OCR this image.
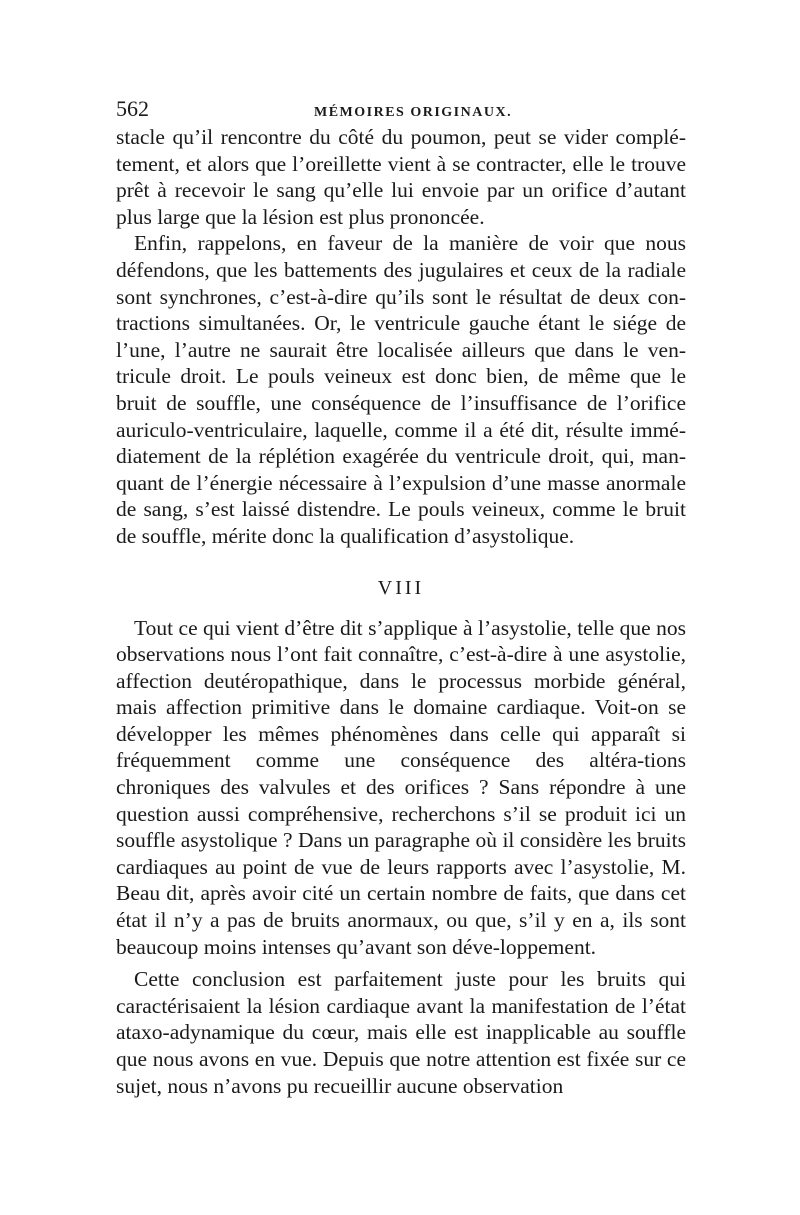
562	MÉMOIRES ORIGINAUX.

stacle qu’il rencontre du côté du poumon, peut se vider complé-tement, et alors que l’oreillette vient à se contracter, elle le trouve prêt à recevoir le sang qu’elle lui envoie par un orifice d’autant plus large que la lésion est plus prononcée.

Enfin, rappelons, en faveur de la manière de voir que nous défendons, que les battements des jugulaires et ceux de la radiale sont synchrones, c’est-à-dire qu’ils sont le résultat de deux con-tractions simultanées. Or, le ventricule gauche étant le siége de l’une, l’autre ne saurait être localisée ailleurs que dans le ven-tricule droit. Le pouls veineux est donc bien, de même que le bruit de souffle, une conséquence de l’insuffisance de l’orifice auriculo-ventriculaire, laquelle, comme il a été dit, résulte immé-diatement de la réplétion exagérée du ventricule droit, qui, man-quant de l’énergie nécessaire à l’expulsion d’une masse anormale de sang, s’est laissé distendre. Le pouls veineux, comme le bruit de souffle, mérite donc la qualification d’asystolique.

VIII

Tout ce qui vient d’être dit s’applique à l’asystolie, telle que nos observations nous l’ont fait connaître, c’est-à-dire à une asystolie, affection deutéropathique, dans le processus morbide général, mais affection primitive dans le domaine cardiaque. Voit-on se développer les mêmes phénomènes dans celle qui apparaît si fréquemment comme une conséquence des altéra-tions chroniques des valvules et des orifices ? Sans répondre à une question aussi compréhensive, recherchons s’il se produit ici un souffle asystolique ? Dans un paragraphe où il considère les bruits cardiaques au point de vue de leurs rapports avec l’asystolie, M. Beau dit, après avoir cité un certain nombre de faits, que dans cet état il n’y a pas de bruits anormaux, ou que, s’il y en a, ils sont beaucoup moins intenses qu’avant son déve-loppement.

Cette conclusion est parfaitement juste pour les bruits qui caractérisaient la lésion cardiaque avant la manifestation de l’état ataxo-adynamique du cœur, mais elle est inapplicable au souffle que nous avons en vue. Depuis que notre attention est fixée sur ce sujet, nous n’avons pu recueillir aucune observation
